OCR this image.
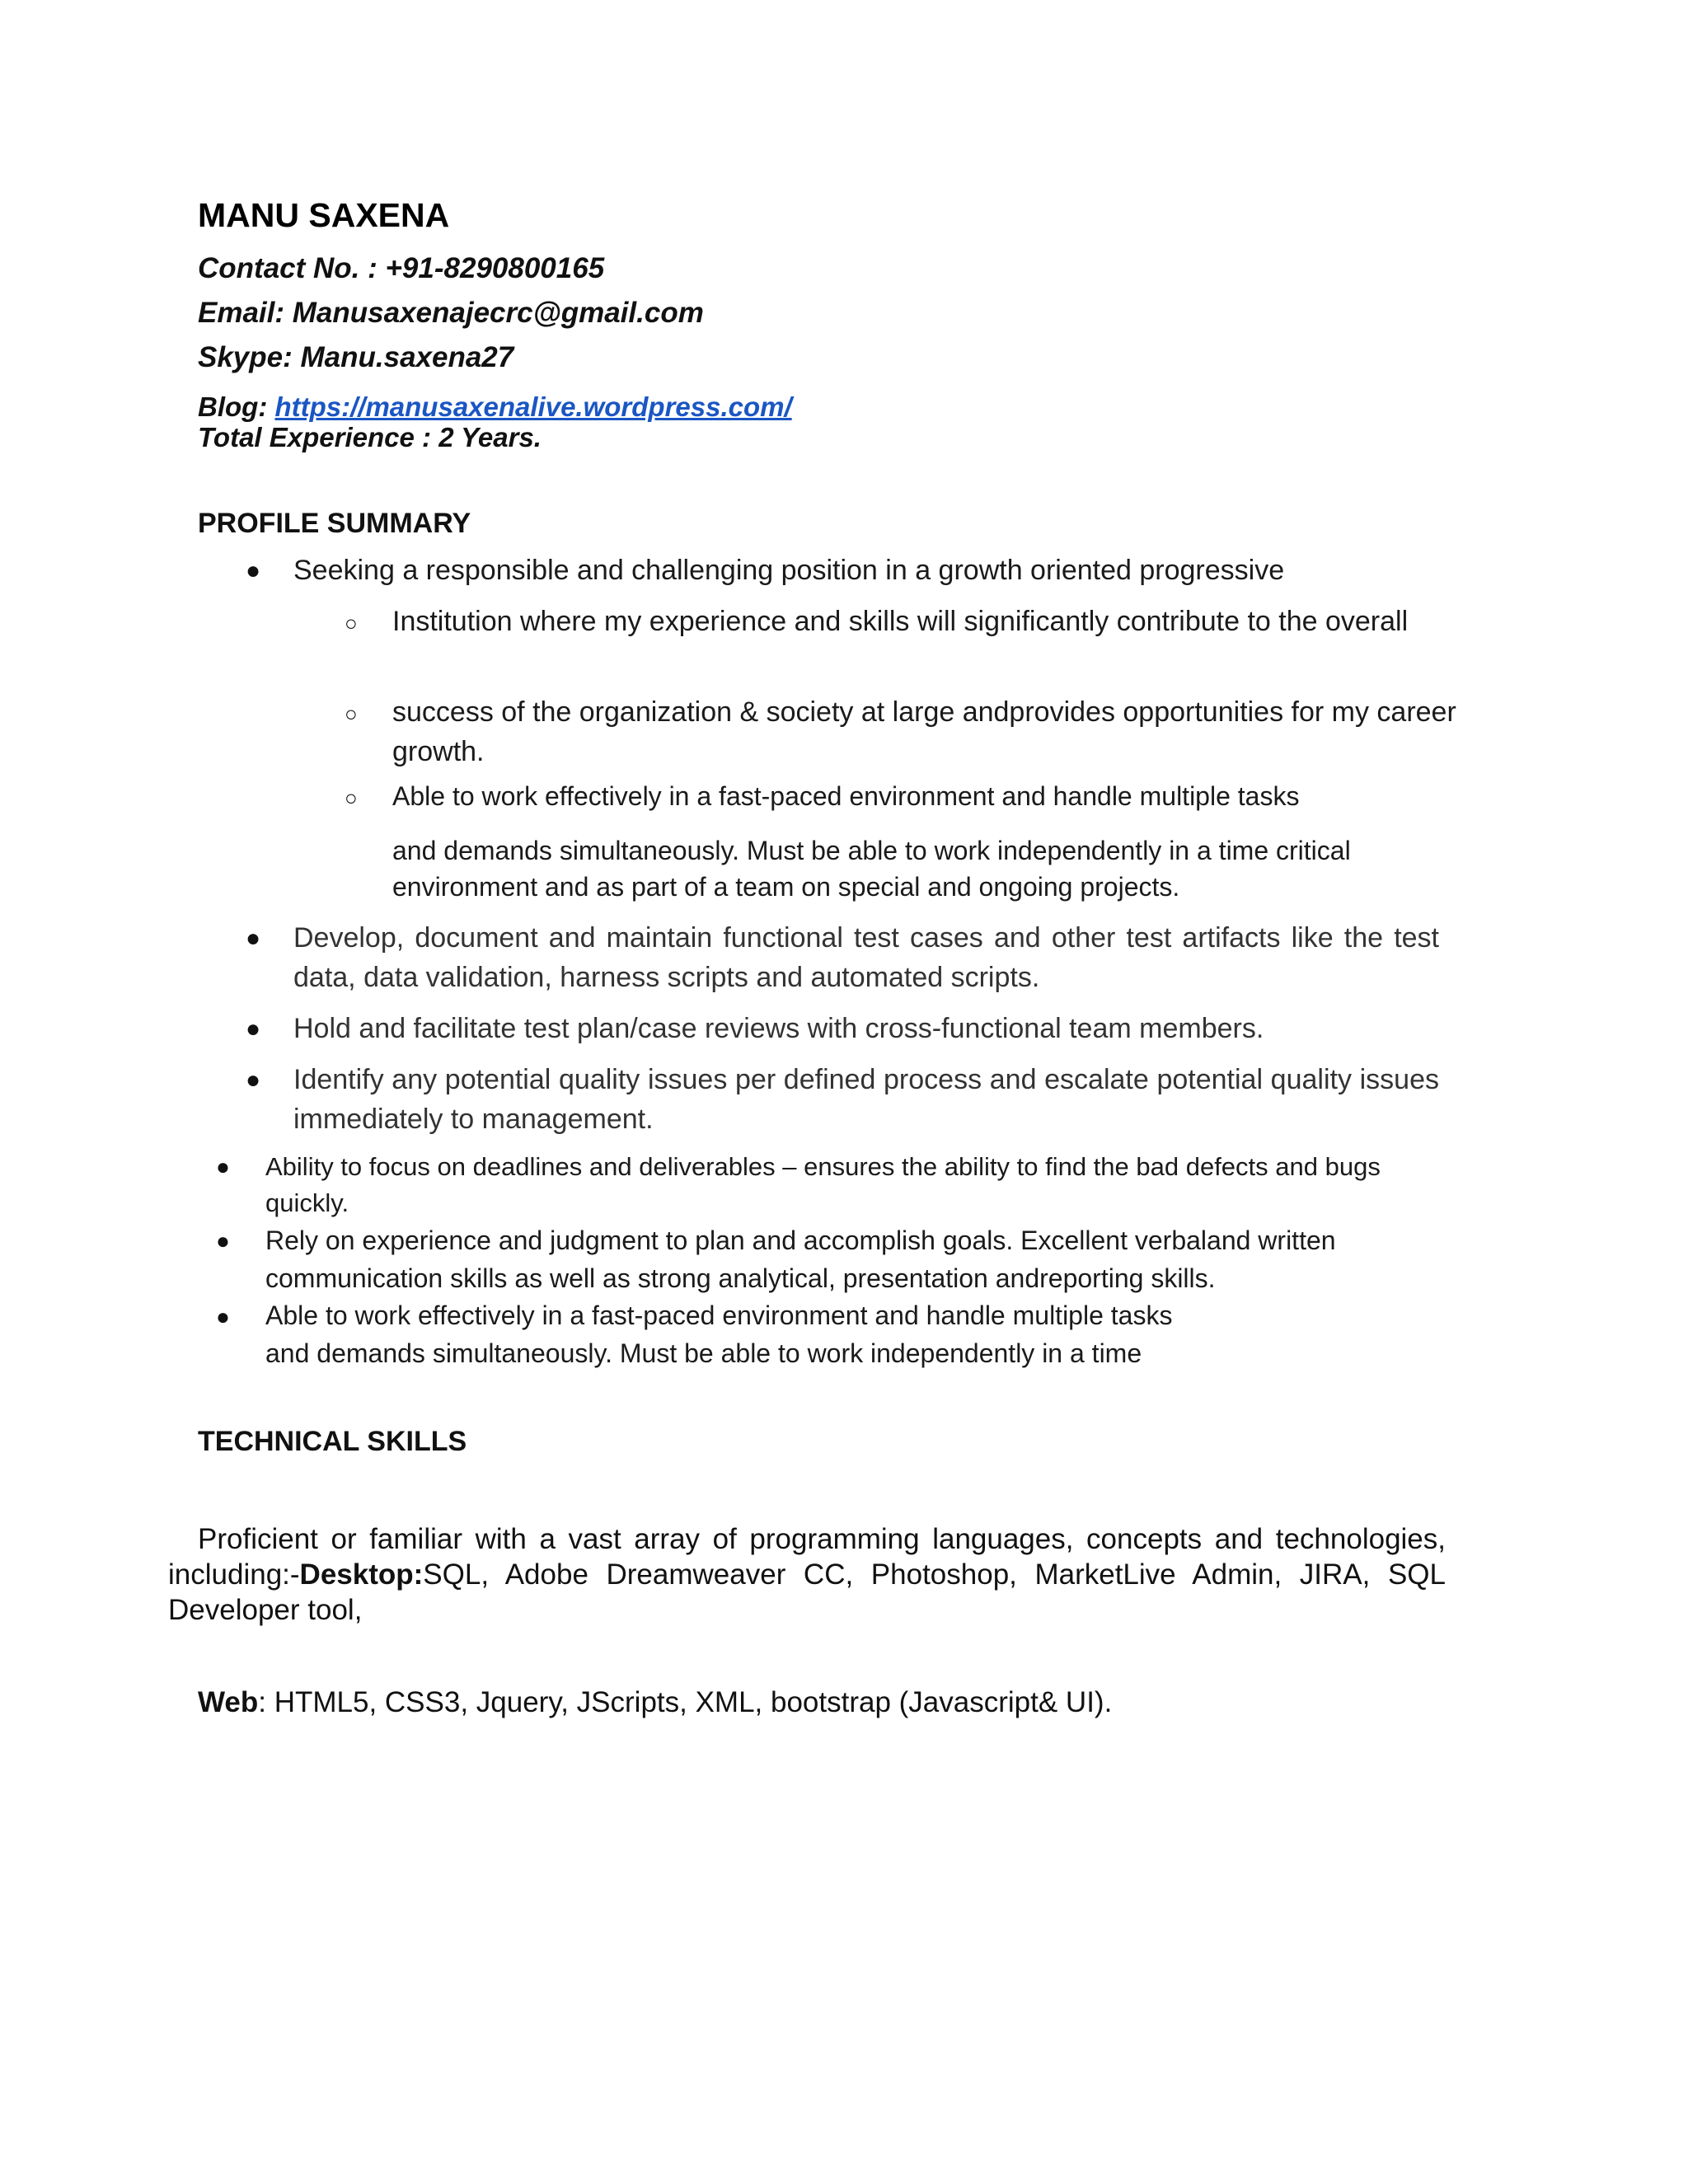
MANU SAXENA
Contact No. : +91-8290800165
Email: Manusaxenajecrc@gmail.com
Skype: Manu.saxena27
Blog: https://manusaxenalive.wordpress.com/
Total Experience : 2 Years.
PROFILE SUMMARY
● Seeking a responsible and challenging position in a growth oriented progressive
○ Institution where my experience and skills will significantly contribute to the overall
○ success of the organization & society at large andprovides opportunities for my career growth.
○ Able to work effectively in a fast-paced environment and handle multiple tasks
and demands simultaneously. Must be able to work independently in a time critical environment and as part of a team on special and ongoing projects.
● Develop, document and maintain functional test cases and other test artifacts like the test data, data validation, harness scripts and automated scripts.
● Hold and facilitate test plan/case reviews with cross-functional team members.
● Identify any potential quality issues per defined process and escalate potential quality issues immediately to management.
● Ability to focus on deadlines and deliverables – ensures the ability to find the bad defects and bugs quickly.
● Rely on experience and judgment to plan and accomplish goals. Excellent verbaland written communication skills as well as strong analytical, presentation andreporting skills.
● Able to work effectively in a fast-paced environment and handle multiple tasks
and demands simultaneously. Must be able to work independently in a time
TECHNICAL SKILLS
Proficient or familiar with a vast array of programming languages, concepts and technologies, including:-Desktop:SQL, Adobe Dreamweaver CC, Photoshop, MarketLive Admin, JIRA, SQL Developer tool,
Web: HTML5, CSS3, Jquery, JScripts, XML, bootstrap (Javascript& UI).
